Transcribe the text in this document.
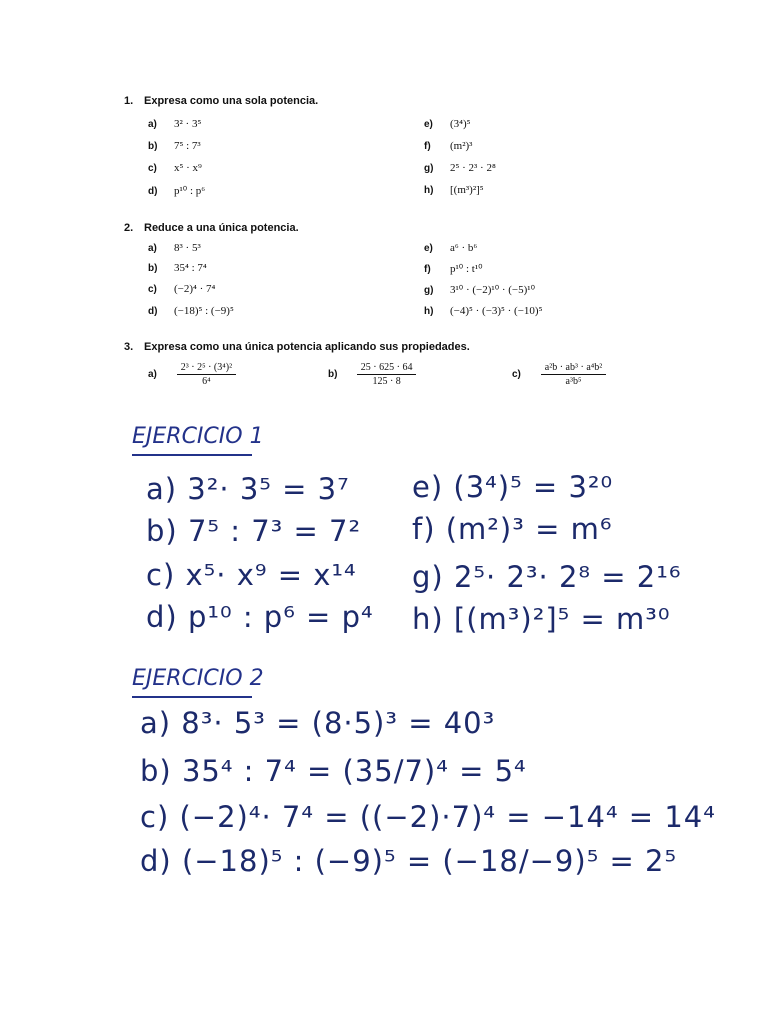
1. Expresa como una sola potencia.
a) 3² · 3⁵
b) 7⁵ : 7³
c) x⁵ · x⁹
d) p¹⁰ : p⁶
e) (3⁴)⁵
f) (m²)³
g) 2⁵ · 2³ · 2⁸
h) [(m³)²]⁵
2. Reduce a una única potencia.
a) 8³ · 5³
b) 35⁴ : 7⁴
c) (−2)⁴ · 7⁴
d) (−18)⁵ : (−9)⁵
e) a⁶ · b⁶
f) p¹⁰ : t¹⁰
g) 3¹⁰ · (−2)¹⁰ · (−5)¹⁰
h) (−4)⁵ · (−3)⁵ · (−10)⁵
3. Expresa como una única potencia aplicando sus propiedades.
$a) \frac{\text{2³ · 2⁵ · (3⁴)²}}{\text{6⁴}}$	$b) \frac{25 \cdot 625 \cdot 64}{125 \cdot 8}$	$c) \frac{\text{a²b · ab³ · a⁴b²}}{\text{a³b⁵}}$
EJERCICIO 1
a) 3²· 3⁵ = 3⁷
b) 7⁵ : 7³ = 7²
c) x⁵· x⁹ = x¹⁴
d) p¹⁰ : p⁶ = p⁴
e) (3⁴)⁵ = 3²⁰
f) (m²)³ = m⁶
g) 2⁵· 2³· 2⁸ = 2¹⁶
h) [(m³)²]⁵ = m³⁰
EJERCICIO 2
a) 8³· 5³ = (8·5)³ = 40³
b) 35⁴ : 7⁴ = (35/7)⁴ = 5⁴
c) (−2)⁴· 7⁴ = ((−2)·7)⁴ = −14⁴ = 14⁴
d) (−18)⁵ : (−9)⁵ = (−18/−9)⁵ = 2⁵
